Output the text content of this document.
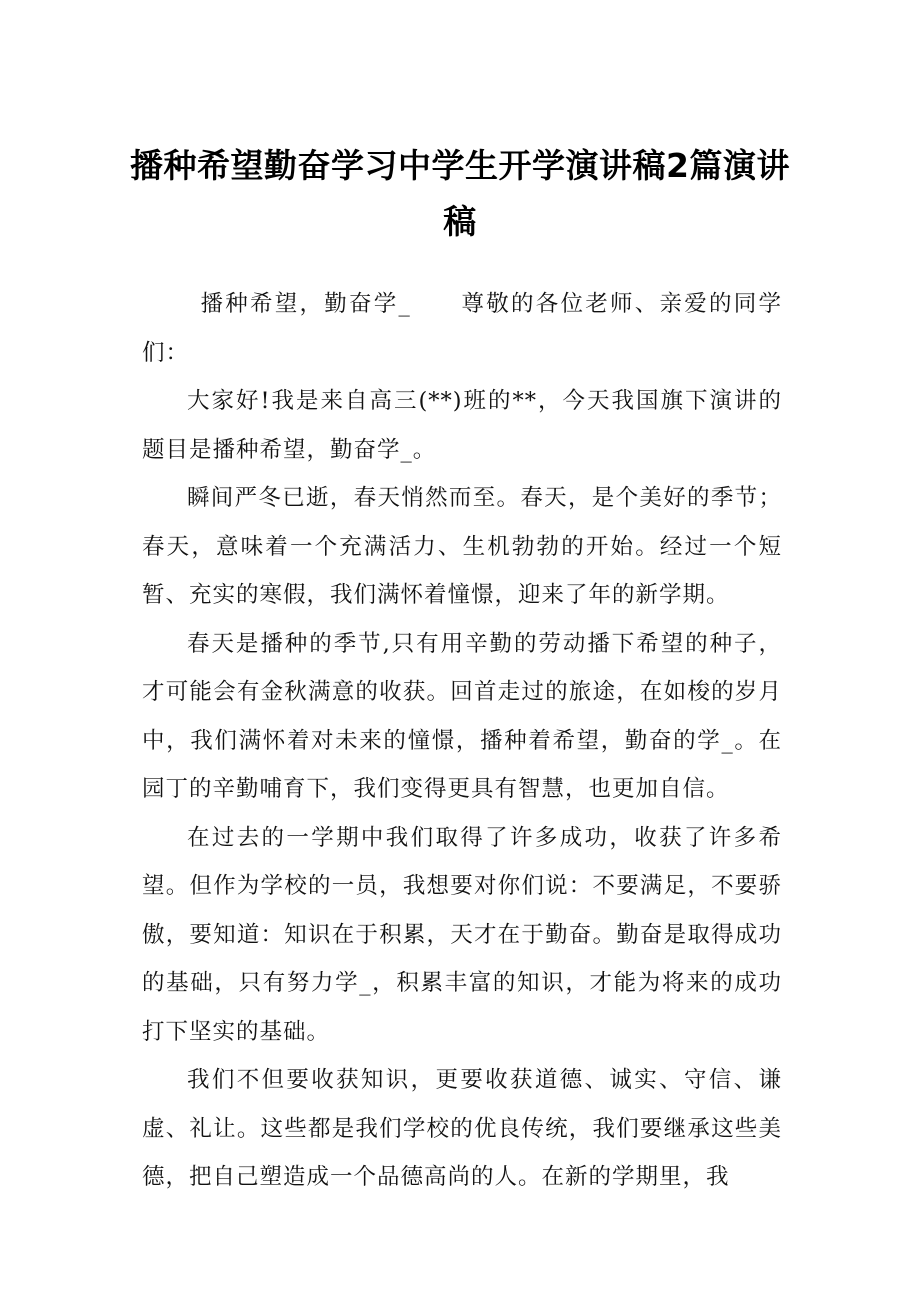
播种希望勤奋学习中学生开学演讲稿2篇演讲稿

播种希望，勤奋学_　　尊敬的各位老师、亲爱的同学们：

大家好!我是来自高三(**)班的**，今天我国旗下演讲的题目是播种希望，勤奋学_。

瞬间严冬已逝，春天悄然而至。春天，是个美好的季节；春天，意味着一个充满活力、生机勃勃的开始。经过一个短暂、充实的寒假，我们满怀着憧憬，迎来了年的新学期。

春天是播种的季节,只有用辛勤的劳动播下希望的种子，才可能会有金秋满意的收获。回首走过的旅途，在如梭的岁月中，我们满怀着对未来的憧憬，播种着希望，勤奋的学_。在园丁的辛勤哺育下，我们变得更具有智慧，也更加自信。

在过去的一学期中我们取得了许多成功，收获了许多希望。但作为学校的一员，我想要对你们说：不要满足，不要骄傲，要知道：知识在于积累，天才在于勤奋。勤奋是取得成功的基础，只有努力学_，积累丰富的知识，才能为将来的成功打下坚实的基础。

我们不但要收获知识，更要收获道德、诚实、守信、谦虚、礼让。这些都是我们学校的优良传统，我们要继承这些美德，把自己塑造成一个品德高尚的人。在新的学期里，我
